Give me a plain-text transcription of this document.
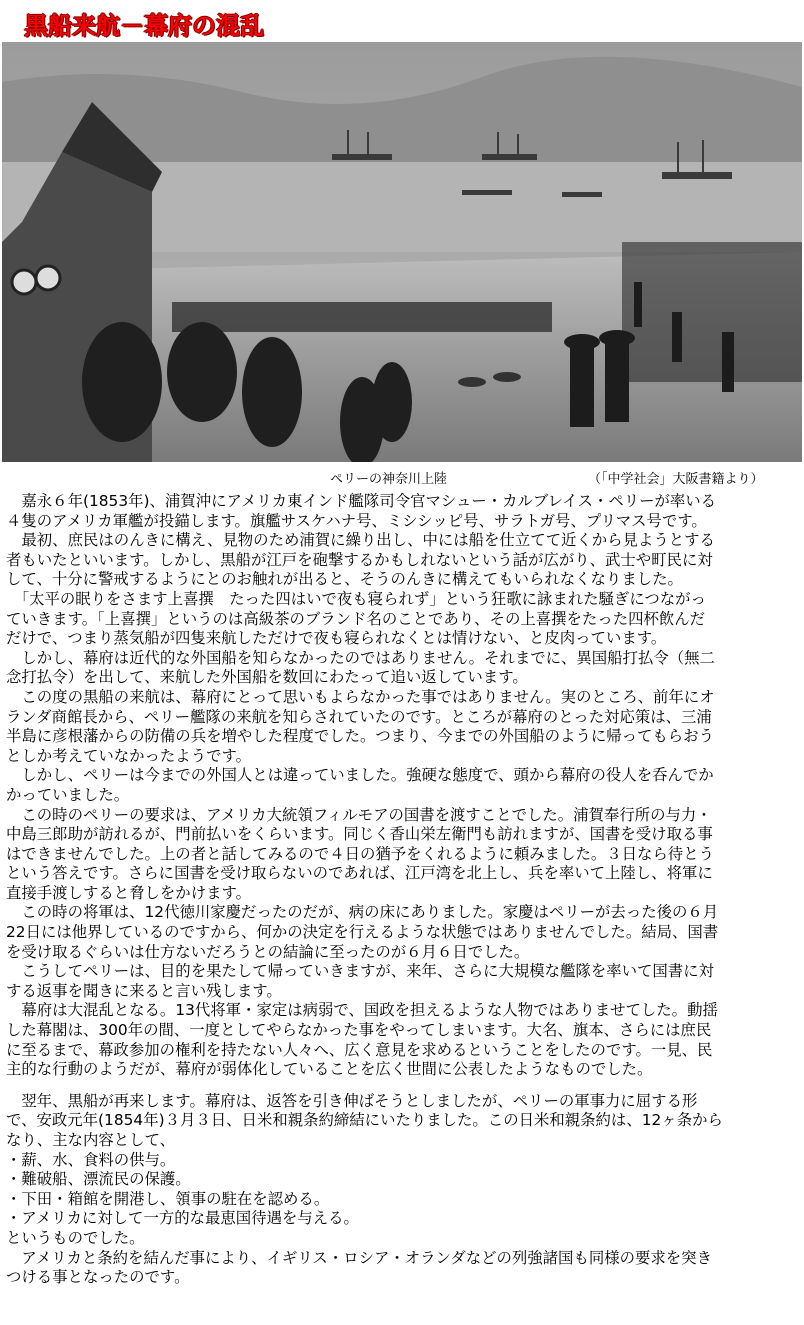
黒船来航－幕府の混乱
ペリーの神奈川上陸	（「中学社会」大阪書籍より）

　嘉永６年(1853年)、浦賀沖にアメリカ東インド艦隊司令官マシュー・カルブレイス・ペリーが率いる

４隻のアメリカ軍艦が投錨します。旗艦サスケハナ号、ミシシッピ号、サラトガ号、プリマス号です。

　最初、庶民はのんきに構え、見物のため浦賀に繰り出し、中には船を仕立てて近くから見ようとする

者もいたといいます。しかし、黒船が江戸を砲撃するかもしれないという話が広がり、武士や町民に対

して、十分に警戒するようにとのお触れが出ると、そうのんきに構えてもいられなくなりました。

　「太平の眠りをさます上喜撰　たった四はいで夜も寝られず」という狂歌に詠まれた騒ぎにつながっ

ていきます。「上喜撰」というのは高級茶のブランド名のことであり、その上喜撰をたった四杯飲んだ

だけで、つまり蒸気船が四隻来航しただけで夜も寝られなくとは情けない、と皮肉っています。

　しかし、幕府は近代的な外国船を知らなかったのではありません。それまでに、異国船打払令（無二

念打払令）を出して、来航した外国船を数回にわたって追い返しています。

　この度の黒船の来航は、幕府にとって思いもよらなかった事ではありません。実のところ、前年にオ

ランダ商館長から、ペリー艦隊の来航を知らされていたのです。ところが幕府のとった対応策は、三浦

半島に彦根藩からの防備の兵を増やした程度でした。つまり、今までの外国船のように帰ってもらおう

としか考えていなかったようです。

　しかし、ペリーは今までの外国人とは違っていました。強硬な態度で、頭から幕府の役人を呑んでか

かっていました。

　この時のペリーの要求は、アメリカ大統領フィルモアの国書を渡すことでした。浦賀奉行所の与力・

中島三郎助が訪れるが、門前払いをくらいます。同じく香山栄左衛門も訪れますが、国書を受け取る事

はできませんでした。上の者と話してみるので４日の猶予をくれるように頼みました。３日なら待とう

という答えです。さらに国書を受け取らないのであれば、江戸湾を北上し、兵を率いて上陸し、将軍に

直接手渡しすると脅しをかけます。

　この時の将軍は、12代徳川家慶だったのだが、病の床にありました。家慶はペリーが去った後の６月

22日には他界しているのですから、何かの決定を行えるような状態ではありませんでした。結局、国書

を受け取るぐらいは仕方ないだろうとの結論に至ったのが６月６日でした。

　こうしてペリーは、目的を果たして帰っていきますが、来年、さらに大規模な艦隊を率いて国書に対

する返事を聞きに来ると言い残します。

　幕府は大混乱となる。13代将軍・家定は病弱で、国政を担えるような人物ではありませてした。動揺

した幕閣は、300年の間、一度としてやらなかった事をやってしまいます。大名、旗本、さらには庶民

に至るまで、幕政参加の権利を持たない人々へ、広く意見を求めるということをしたのです。一見、民

主的な行動のようだが、幕府が弱体化していることを広く世間に公表したようなものでした。

　翌年、黒船が再来します。幕府は、返答を引き伸ばそうとしましたが、ペリーの軍事力に屈する形

で、安政元年(1854年)３月３日、日米和親条約締結にいたりました。この日米和親条約は、12ヶ条から

なり、主な内容として、

・薪、水、食料の供与。

・難破船、漂流民の保護。

・下田・箱館を開港し、領事の駐在を認める。

・アメリカに対して一方的な最恵国待遇を与える。

というものでした。

　アメリカと条約を結んだ事により、イギリス・ロシア・オランダなどの列強諸国も同様の要求を突き

つける事となったのです。
